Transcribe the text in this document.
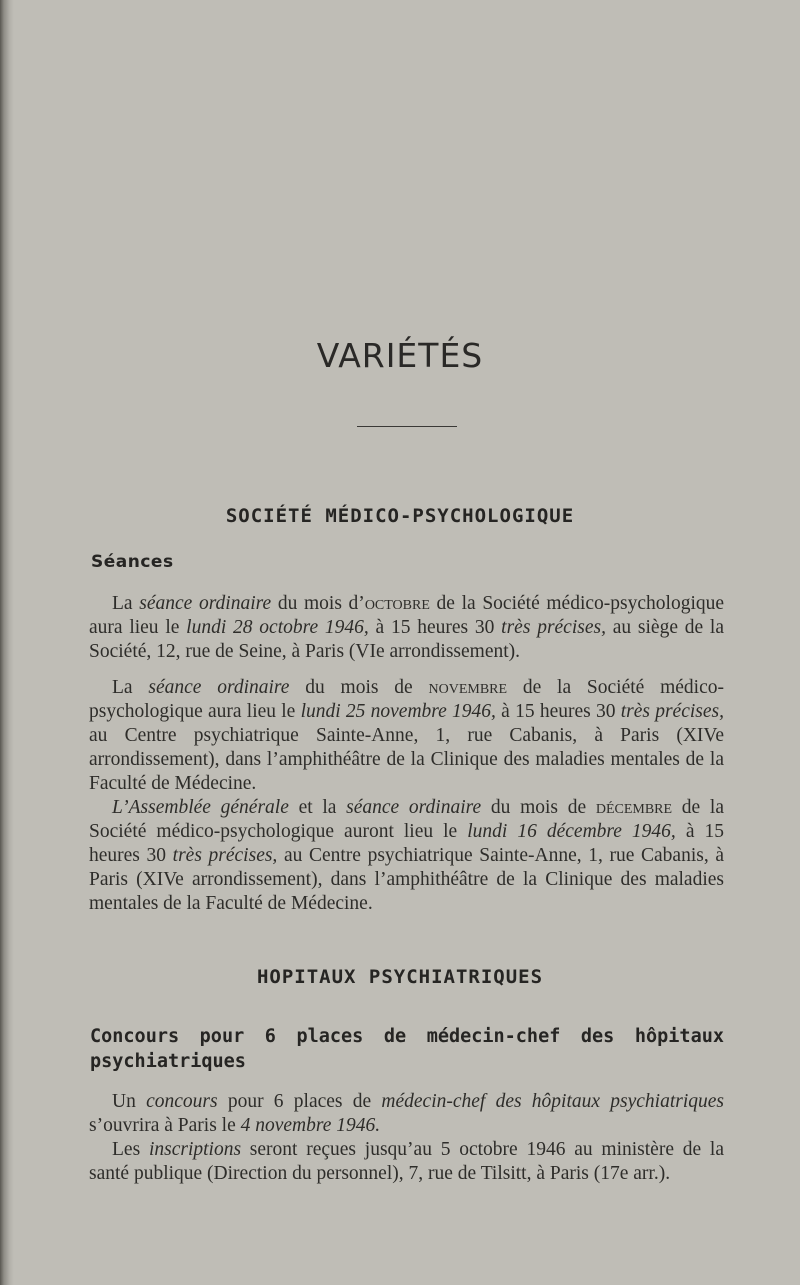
VARIÉTÉS
SOCIÉTÉ MÉDICO-PSYCHOLOGIQUE
Séances

La séance ordinaire du mois d’octobre de la Société médico-psychologique aura lieu le lundi 28 octobre 1946, à 15 heures 30 très précises, au siège de la Société, 12, rue de Seine, à Paris (VIe arrondissement).

La séance ordinaire du mois de novembre de la Société médico-psychologique aura lieu le lundi 25 novembre 1946, à 15 heures 30 très précises, au Centre psychiatrique Sainte-Anne, 1, rue Cabanis, à Paris (XIVe arrondissement), dans l’amphithéâtre de la Clinique des maladies mentales de la Faculté de Médecine.

L’Assemblée générale et la séance ordinaire du mois de décembre de la Société médico-psychologique auront lieu le lundi 16 décembre 1946, à 15 heures 30 très précises, au Centre psychiatrique Sainte-Anne, 1, rue Cabanis, à Paris (XIVe arrondissement), dans l’amphithéâtre de la Clinique des maladies mentales de la Faculté de Médecine.

HOPITAUX PSYCHIATRIQUES
Concours pour 6 places de médecin-chef des hôpitaux psychiatriques

Un concours pour 6 places de médecin-chef des hôpitaux psychiatriques s’ouvrira à Paris le 4 novembre 1946.

Les inscriptions seront reçues jusqu’au 5 octobre 1946 au ministère de la santé publique (Direction du personnel), 7, rue de Tilsitt, à Paris (17e arr.).
